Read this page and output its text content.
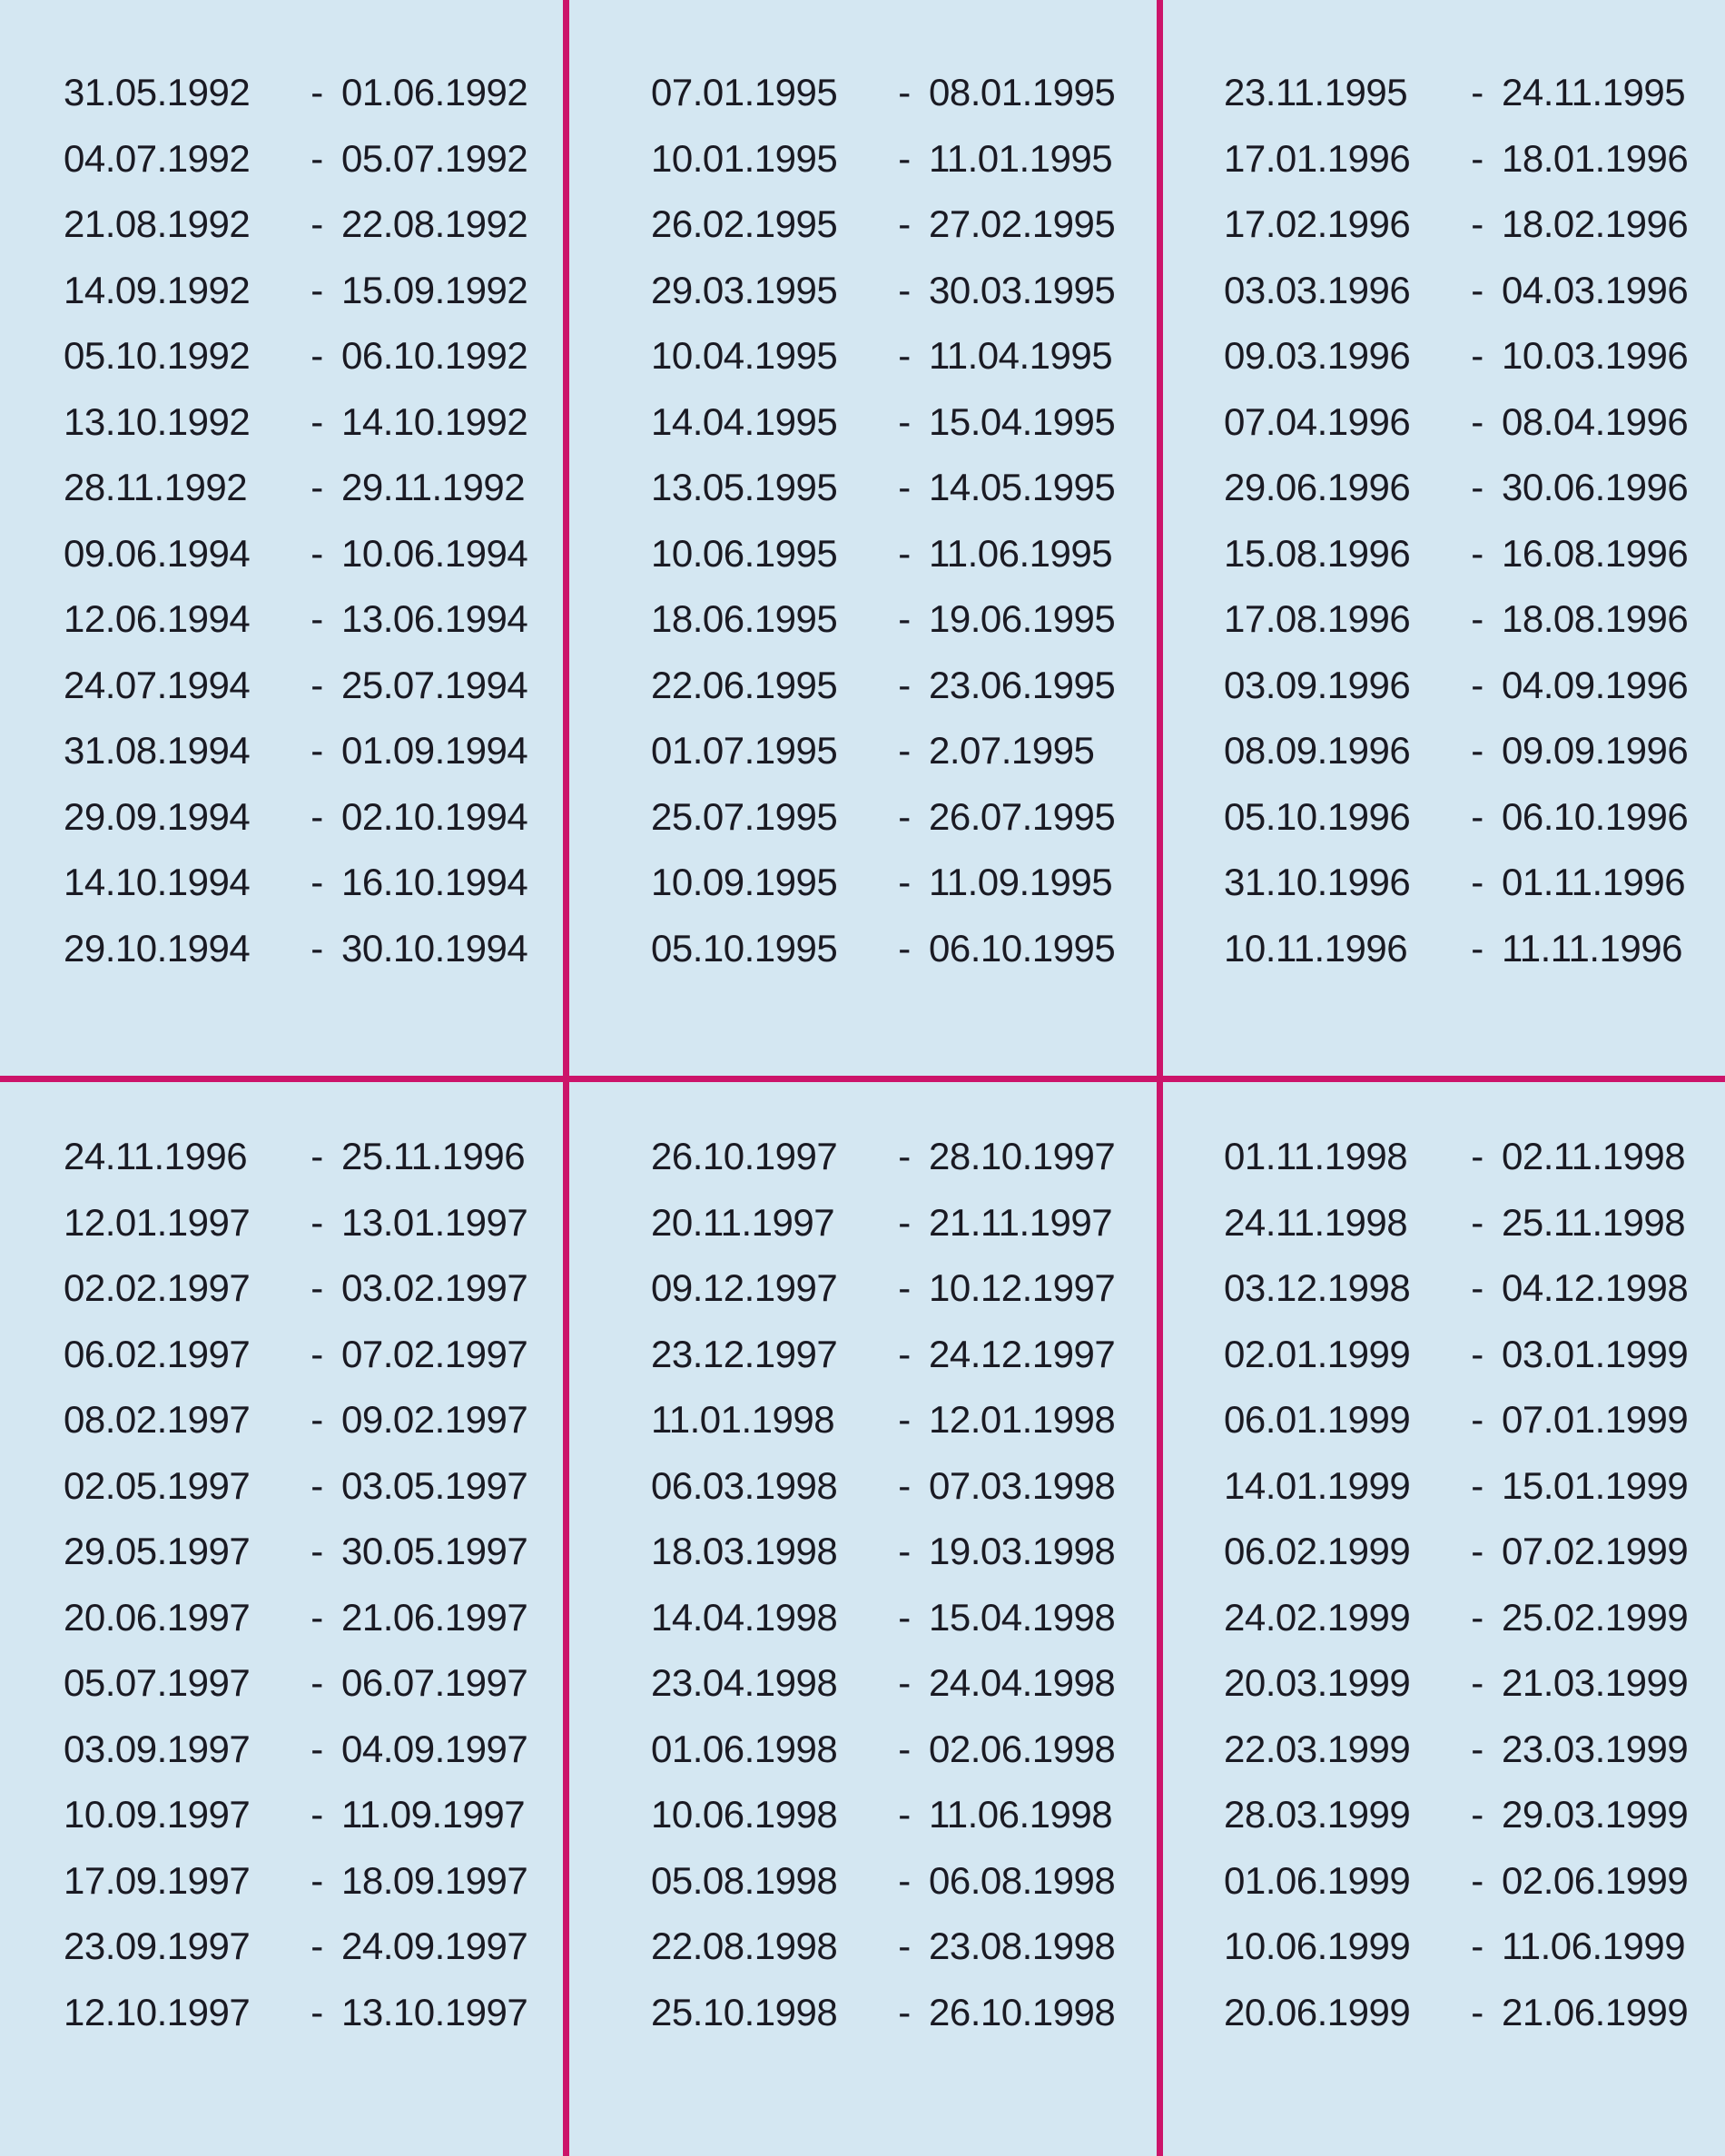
31.05.1992	- 01.06.1992
04.07.1992	- 05.07.1992
21.08.1992	- 22.08.1992
14.09.1992	- 15.09.1992
05.10.1992	- 06.10.1992
13.10.1992	- 14.10.1992
28.11.1992	- 29.11.1992
09.06.1994	- 10.06.1994
12.06.1994	- 13.06.1994
24.07.1994	- 25.07.1994
31.08.1994	- 01.09.1994
29.09.1994	- 02.10.1994
14.10.1994	- 16.10.1994
29.10.1994	- 30.10.1994
07.01.1995	- 08.01.1995
10.01.1995	- 11.01.1995
26.02.1995	- 27.02.1995
29.03.1995	- 30.03.1995
10.04.1995	- 11.04.1995
14.04.1995	- 15.04.1995
13.05.1995	- 14.05.1995
10.06.1995	- 11.06.1995
18.06.1995	- 19.06.1995
22.06.1995	- 23.06.1995
01.07.1995	- 2.07.1995
25.07.1995	- 26.07.1995
10.09.1995	- 11.09.1995
05.10.1995	- 06.10.1995
23.11.1995	- 24.11.1995
17.01.1996	- 18.01.1996
17.02.1996	- 18.02.1996
03.03.1996	- 04.03.1996
09.03.1996	- 10.03.1996
07.04.1996	- 08.04.1996
29.06.1996	- 30.06.1996
15.08.1996	- 16.08.1996
17.08.1996	- 18.08.1996
03.09.1996	- 04.09.1996
08.09.1996	- 09.09.1996
05.10.1996	- 06.10.1996
31.10.1996	- 01.11.1996
10.11.1996	- 11.11.1996
24.11.1996	- 25.11.1996
12.01.1997	- 13.01.1997
02.02.1997	- 03.02.1997
06.02.1997	- 07.02.1997
08.02.1997	- 09.02.1997
02.05.1997	- 03.05.1997
29.05.1997	- 30.05.1997
20.06.1997	- 21.06.1997
05.07.1997	- 06.07.1997
03.09.1997	- 04.09.1997
10.09.1997	- 11.09.1997
17.09.1997	- 18.09.1997
23.09.1997	- 24.09.1997
12.10.1997	- 13.10.1997
26.10.1997	- 28.10.1997
20.11.1997	- 21.11.1997
09.12.1997	- 10.12.1997
23.12.1997	- 24.12.1997
11.01.1998	- 12.01.1998
06.03.1998	- 07.03.1998
18.03.1998	- 19.03.1998
14.04.1998	- 15.04.1998
23.04.1998	- 24.04.1998
01.06.1998	- 02.06.1998
10.06.1998	- 11.06.1998
05.08.1998	- 06.08.1998
22.08.1998	- 23.08.1998
25.10.1998	- 26.10.1998
01.11.1998	- 02.11.1998
24.11.1998	- 25.11.1998
03.12.1998	- 04.12.1998
02.01.1999	- 03.01.1999
06.01.1999	- 07.01.1999
14.01.1999	- 15.01.1999
06.02.1999	- 07.02.1999
24.02.1999	- 25.02.1999
20.03.1999	- 21.03.1999
22.03.1999	- 23.03.1999
28.03.1999	- 29.03.1999
01.06.1999	- 02.06.1999
10.06.1999	- 11.06.1999
20.06.1999	- 21.06.1999
